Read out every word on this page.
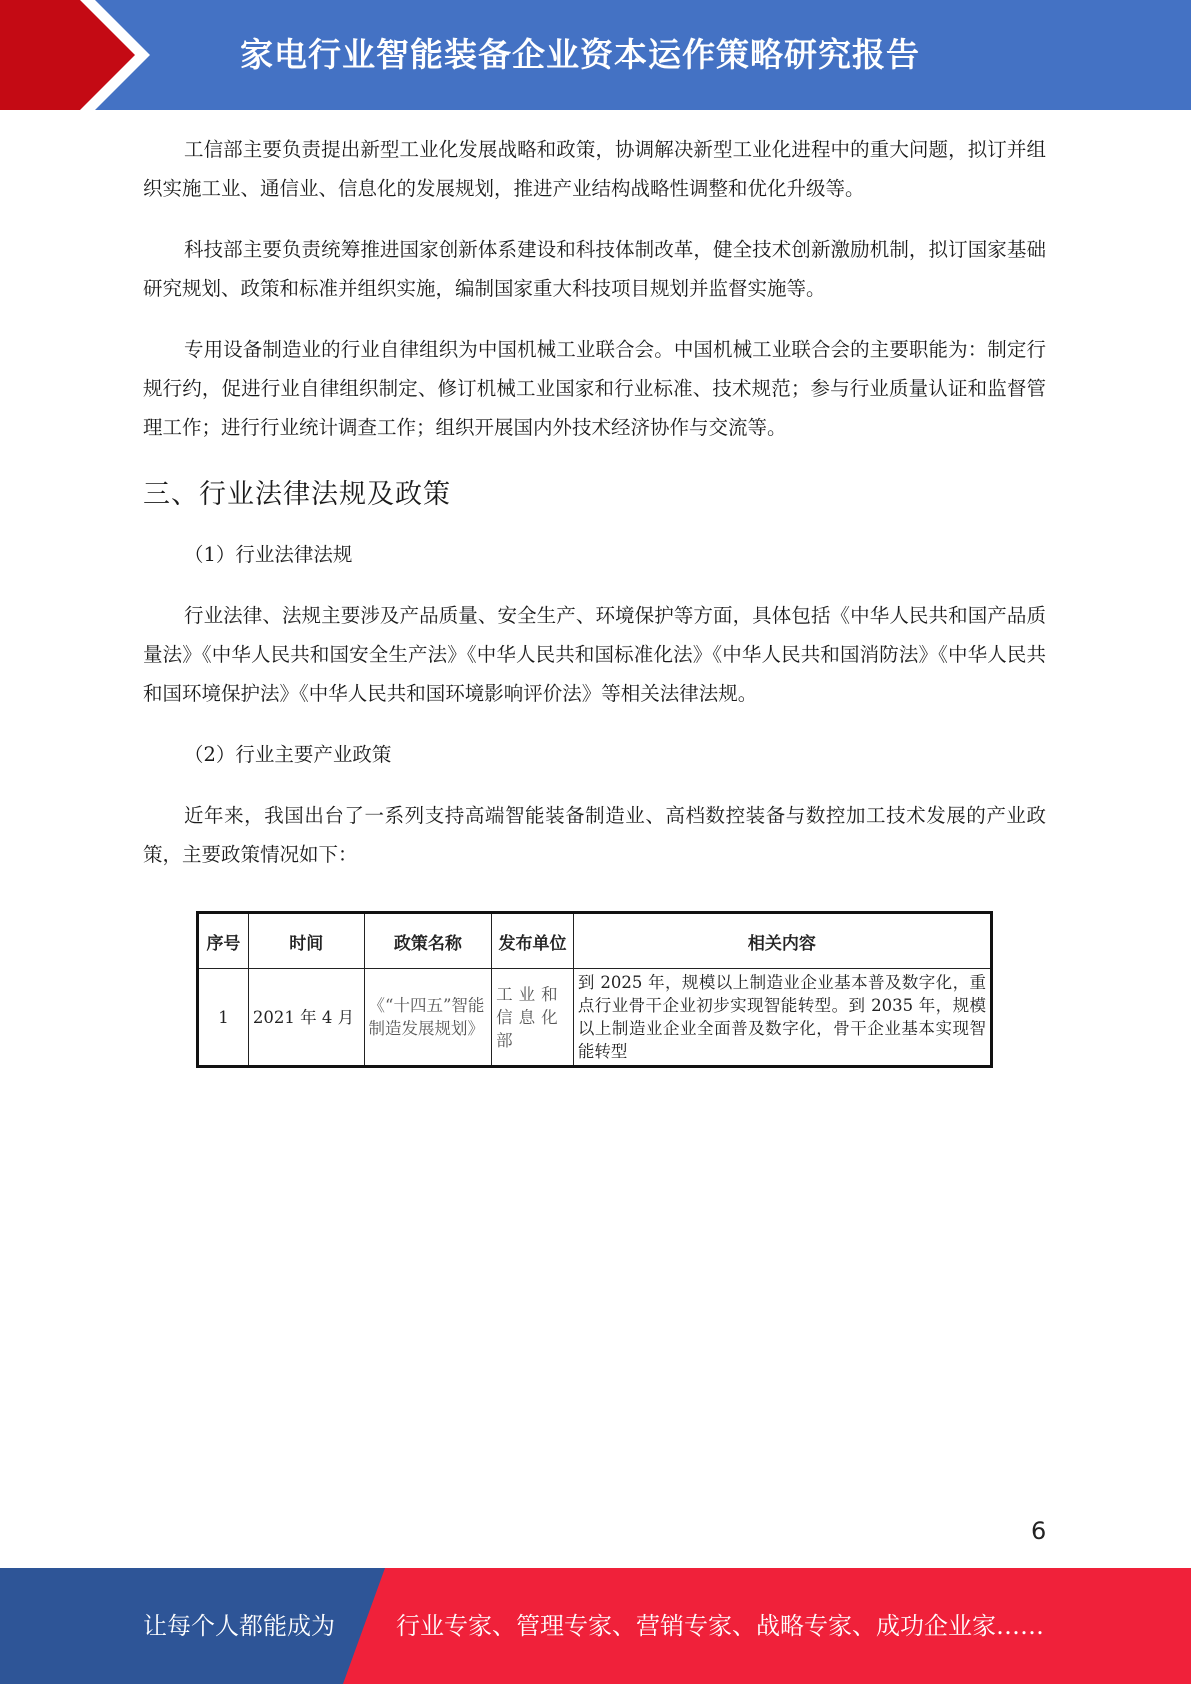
家电行业智能装备企业资本运作策略研究报告

工信部主要负责提出新型工业化发展战略和政策，协调解决新型工业化进程中的重大问题，拟订并组织实施工业、通信业、信息化的发展规划，推进产业结构战略性调整和优化升级等。

科技部主要负责统筹推进国家创新体系建设和科技体制改革，健全技术创新激励机制，拟订国家基础研究规划、政策和标准并组织实施，编制国家重大科技项目规划并监督实施等。

专用设备制造业的行业自律组织为中国机械工业联合会。中国机械工业联合会的主要职能为：制定行规行约，促进行业自律组织制定、修订机械工业国家和行业标准、技术规范；参与行业质量认证和监督管理工作；进行行业统计调查工作；组织开展国内外技术经济协作与交流等。

三、行业法律法规及政策

（1）行业法律法规

行业法律、法规主要涉及产品质量、安全生产、环境保护等方面，具体包括《中华人民共和国产品质量法》《中华人民共和国安全生产法》《中华人民共和国标准化法》《中华人民共和国消防法》《中华人民共和国环境保护法》《中华人民共和国环境影响评价法》等相关法律法规。

（2）行业主要产业政策

近年来，我国出台了一系列支持高端智能装备制造业、高档数控装备与数控加工技术发展的产业政策，主要政策情况如下：

序号	时间	政策名称	发布单位	相关内容
1	2021 年 4 月	《“十四五”智能制造发展规划》	工业和信息化部	到 2025 年，规模以上制造业企业基本普及数字化，重点行业骨干企业初步实现智能转型。到 2035 年，规模以上制造业企业全面普及数字化，骨干企业基本实现智能转型
6
让每个人都能成为	行业专家、管理专家、营销专家、战略专家、成功企业家……
